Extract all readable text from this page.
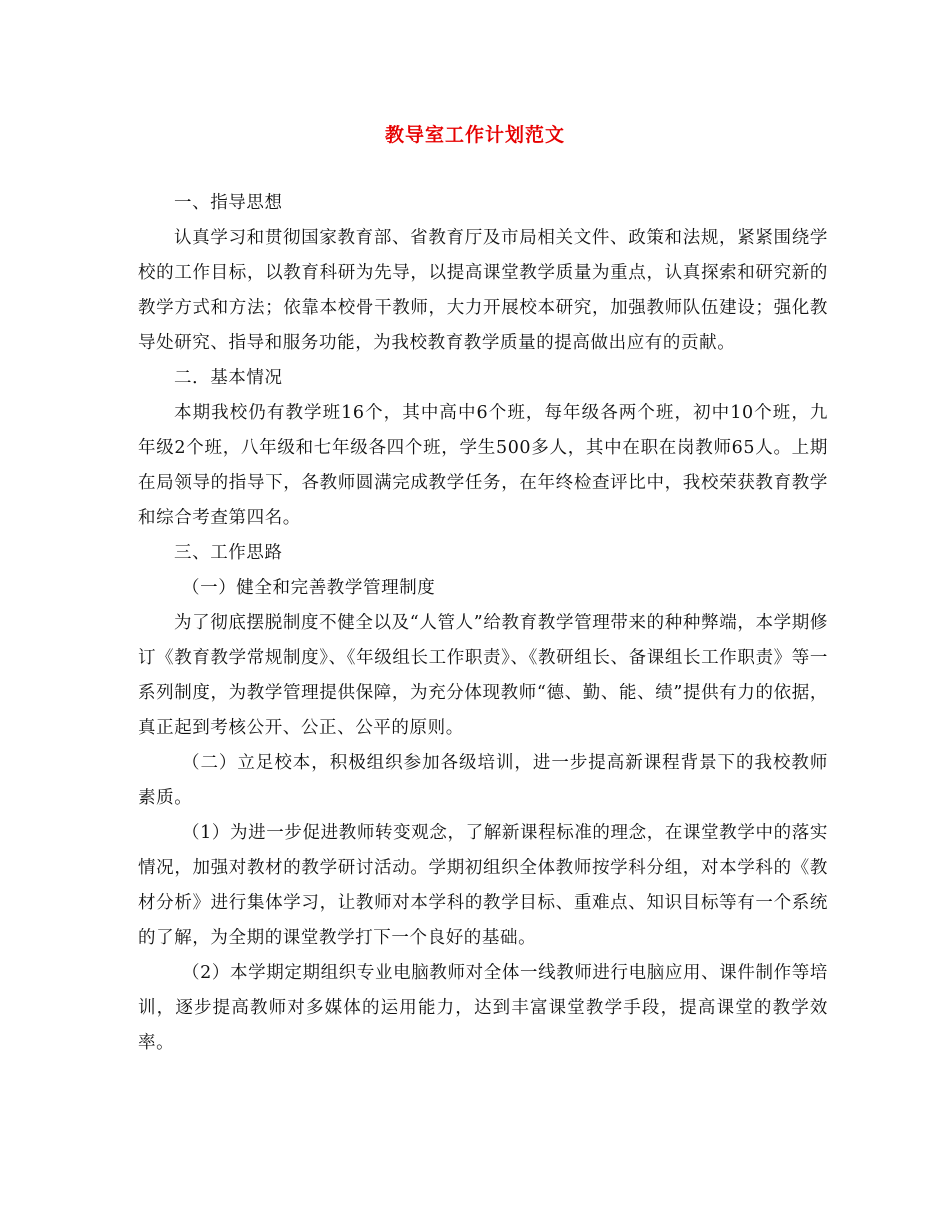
教导室工作计划范文

一、指导思想

认真学习和贯彻国家教育部、省教育厅及市局相关文件、政策和法规，紧紧围绕学校的工作目标，以教育科研为先导，以提高课堂教学质量为重点，认真探索和研究新的教学方式和方法；依靠本校骨干教师，大力开展校本研究，加强教师队伍建设；强化教导处研究、指导和服务功能，为我校教育教学质量的提高做出应有的贡献。

二．基本情况

本期我校仍有教学班16个，其中高中6个班，每年级各两个班，初中10个班，九年级2个班，八年级和七年级各四个班，学生500多人，其中在职在岗教师65人。上期在局领导的指导下，各教师圆满完成教学任务，在年终检查评比中，我校荣获教育教学和综合考查第四名。

三、工作思路

（一）健全和完善教学管理制度

为了彻底摆脱制度不健全以及“人管人”给教育教学管理带来的种种弊端，本学期修订《教育教学常规制度》、《年级组长工作职责》、《教研组长、备课组长工作职责》等一系列制度，为教学管理提供保障，为充分体现教师“德、勤、能、绩”提供有力的依据，真正起到考核公开、公正、公平的原则。

（二）立足校本，积极组织参加各级培训，进一步提高新课程背景下的我校教师素质。

（1）为进一步促进教师转变观念，了解新课程标准的理念，在课堂教学中的落实情况，加强对教材的教学研讨活动。学期初组织全体教师按学科分组，对本学科的《教材分析》进行集体学习，让教师对本学科的教学目标、重难点、知识目标等有一个系统的了解，为全期的课堂教学打下一个良好的基础。

（2）本学期定期组织专业电脑教师对全体一线教师进行电脑应用、课件制作等培训，逐步提高教师对多媒体的运用能力，达到丰富课堂教学手段，提高课堂的教学效率。
